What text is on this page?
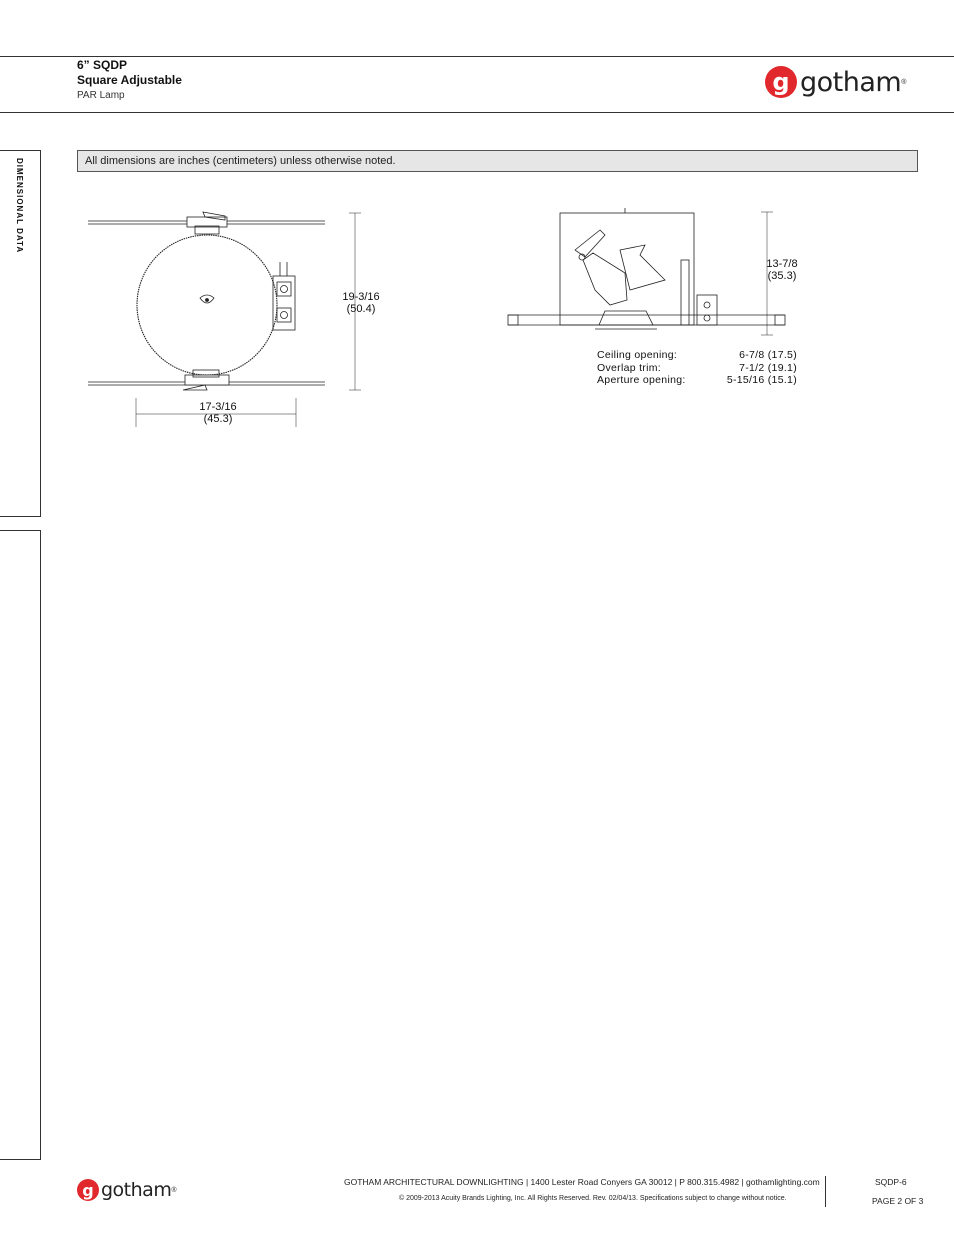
6” SQDP
Square Adjustable
PAR Lamp	g gotham ®
DIMENSIONAL DATA	All dimensions are inches (centimeters) unless otherwise noted.
19-3/16
(50.4)
17-3/16
(45.3)
13-7/8
(35.3)
Ceiling opening:	6-7/8 (17.5)
Overlap trim:	7-1/2 (19.1)
Aperture opening:	5-15/16 (15.1)
g gotham ®
GOTHAM ARCHITECTURAL DOWNLIGHTING | 1400 Lester Road Conyers GA 30012 | P 800.315.4982 | gothamlighting.com
© 2009-2013 Acuity Brands Lighting, Inc. All Rights Reserved. Rev. 02/04/13. Specifications subject to change without notice.
SQDP-6
PAGE 2 OF 3
